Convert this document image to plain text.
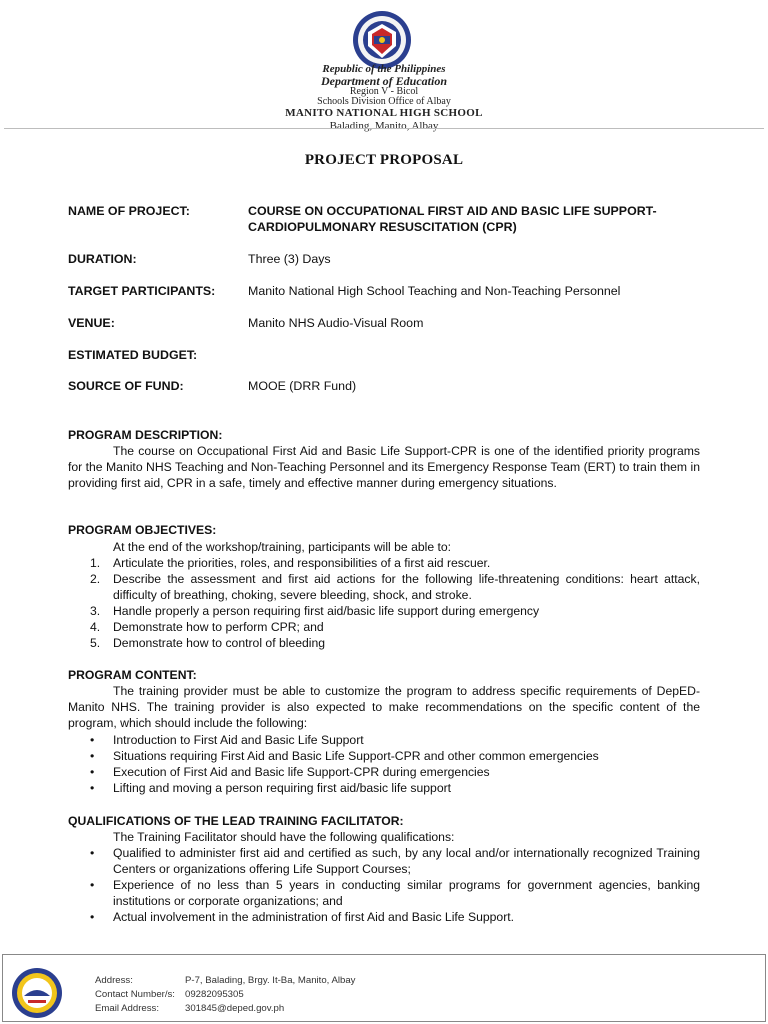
Republic of the Philippines
Department of Education
Region V - Bicol
Schools Division Office of Albay
MANITO NATIONAL HIGH SCHOOL
Balading, Manito, Albay
PROJECT PROPOSAL
NAME OF PROJECT:	COURSE ON OCCUPATIONAL FIRST AID AND BASIC LIFE SUPPORT-
CARDIOPULMONARY RESUSCITATION (CPR)
DURATION:	Three (3) Days
TARGET PARTICIPANTS:	Manito National High School Teaching and Non-Teaching Personnel
VENUE:	Manito NHS Audio-Visual Room
ESTIMATED BUDGET:
SOURCE OF FUND:	MOOE (DRR Fund)
PROGRAM DESCRIPTION:

The course on Occupational First Aid and Basic Life Support-CPR is one of the identified priority programs for the Manito NHS Teaching and Non-Teaching Personnel and its Emergency Response Team (ERT) to train them in providing first aid, CPR in a safe, timely and effective manner during emergency situations.

PROGRAM OBJECTIVES:

At the end of the workshop/training, participants will be able to:

1. Articulate the priorities, roles, and responsibilities of a first aid rescuer.
2. Describe the assessment and first aid actions for the following life-threatening conditions: heart attack, difficulty of breathing, choking, severe bleeding, shock, and stroke.
3. Handle properly a person requiring first aid/basic life support during emergency
4. Demonstrate how to perform CPR; and
5. Demonstrate how to control of bleeding
PROGRAM CONTENT:

The training provider must be able to customize the program to address specific requirements of DepED-Manito NHS. The training provider is also expected to make recommendations on the specific content of the program, which should include the following:

• Introduction to First Aid and Basic Life Support
• Situations requiring First Aid and Basic Life Support-CPR and other common emergencies
• Execution of First Aid and Basic life Support-CPR during emergencies
• Lifting and moving a person requiring first aid/basic life support
QUALIFICATIONS OF THE LEAD TRAINING FACILITATOR:

The Training Facilitator should have the following qualifications:

• Qualified to administer first aid and certified as such, by any local and/or internationally recognized Training Centers or organizations offering Life Support Courses;
• Experience of no less than 5 years in conducting similar programs for government agencies, banking institutions or corporate organizations; and
• Actual involvement in the administration of first Aid and Basic Life Support.
Address:	P-7, Balading, Brgy. It-Ba, Manito, Albay
Contact Number/s: 09282095305
Email Address:	301845@deped.gov.ph
